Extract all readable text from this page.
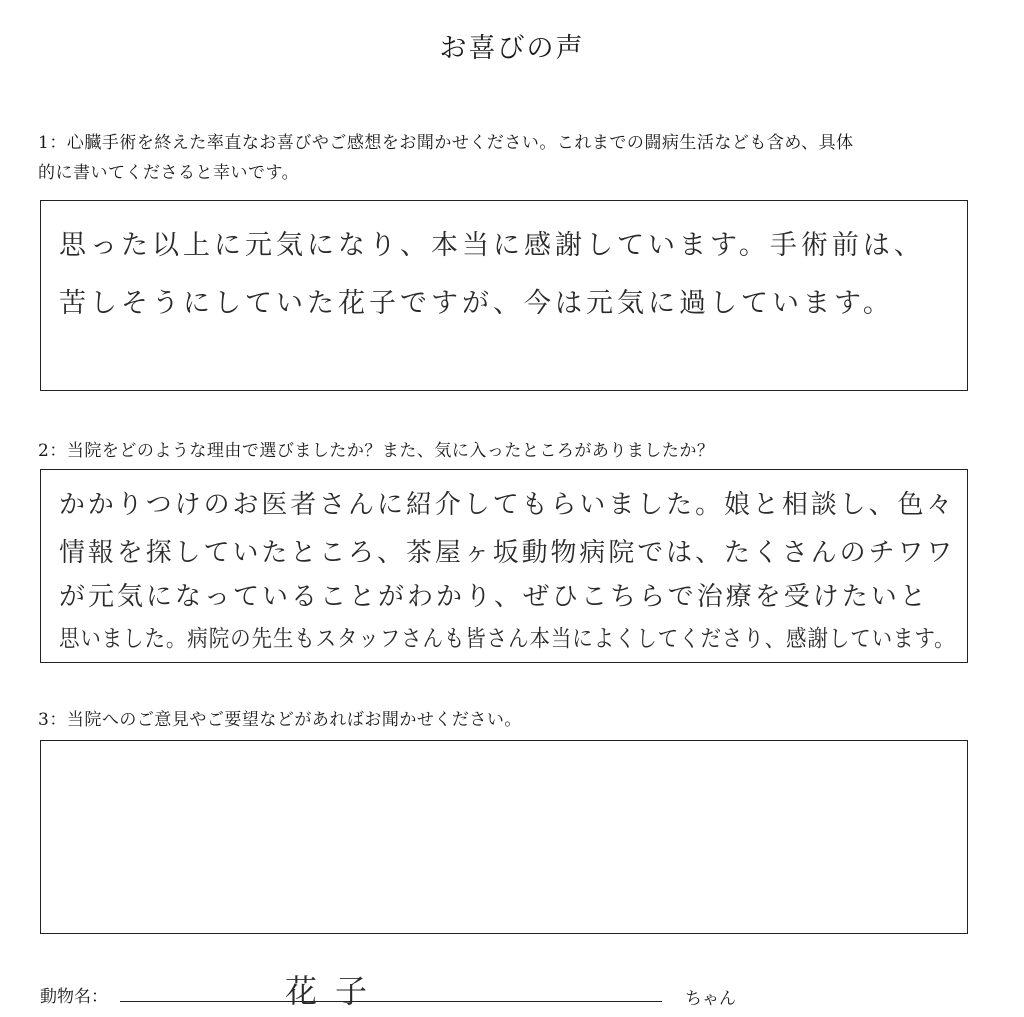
お喜びの声
1：心臓手術を終えた率直なお喜びやご感想をお聞かせください。これまでの闘病生活なども含め、具体
的に書いてくださると幸いです。
思った以上に元気になり、本当に感謝しています。手術前は、
苦しそうにしていた花子ですが、今は元気に過しています。
2：当院をどのような理由で選びましたか？また、気に入ったところがありましたか？
かかりつけのお医者さんに紹介してもらいました。娘と相談し、色々
情報を探していたところ、茶屋ヶ坂動物病院では、たくさんのチワワ
が元気になっていることがわかり、ぜひこちらで治療を受けたいと
思いました。病院の先生もスタッフさんも皆さん本当によくしてくださり、感謝しています。
3：当院へのご意見やご要望などがあればお聞かせください。
動物名：	花子	ちゃん
